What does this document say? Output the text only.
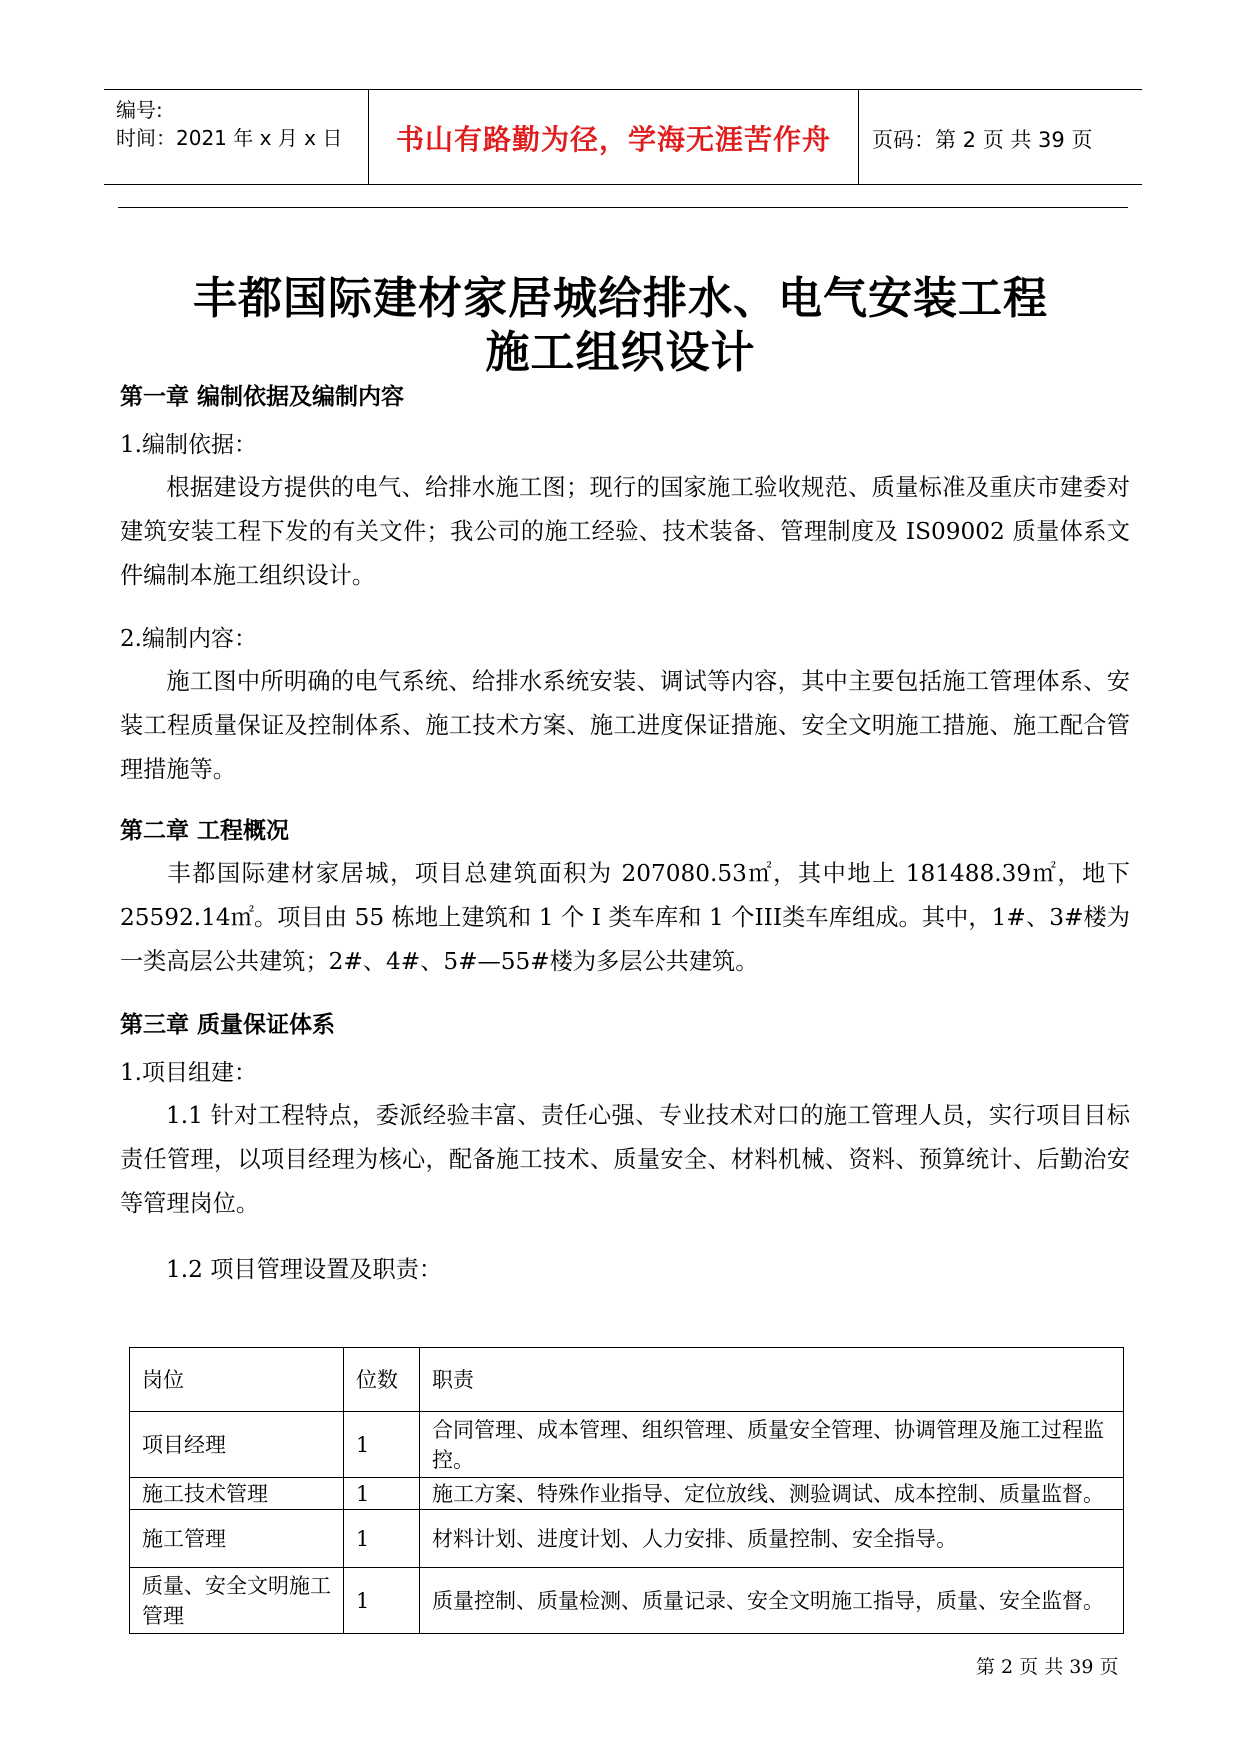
编号:
时间：2021 年 x 月 x 日	书山有路勤为径，学海无涯苦作舟	页码：第 2 页 共 39 页
丰都国际建材家居城给排水、电气安装工程
施工组织设计
第一章 编制依据及编制内容
1.编制依据：
根据建设方提供的电气、给排水施工图；现行的国家施工验收规范、质量标准及重庆市建委对建筑安装工程下发的有关文件；我公司的施工经验、技术装备、管理制度及 IS09002 质量体系文件编制本施工组织设计。
2.编制内容：
施工图中所明确的电气系统、给排水系统安装、调试等内容，其中主要包括施工管理体系、安装工程质量保证及控制体系、施工技术方案、施工进度保证措施、安全文明施工措施、施工配合管理措施等。
第二章 工程概况
丰都国际建材家居城，项目总建筑面积为 207080.53㎡，其中地上 181488.39㎡，地下 25592.14㎡。项目由 55 栋地上建筑和 1 个 I 类车库和 1 个III类车库组成。其中，1#、3#楼为一类高层公共建筑；2#、4#、5#—55#楼为多层公共建筑。
第三章 质量保证体系
1.项目组建：
1.1 针对工程特点，委派经验丰富、责任心强、专业技术对口的施工管理人员，实行项目目标责任管理，以项目经理为核心，配备施工技术、质量安全、材料机械、资料、预算统计、后勤治安等管理岗位。
1.2 项目管理设置及职责：
岗位	位数	职责
项目经理	1	合同管理、成本管理、组织管理、质量安全管理、协调管理及施工过程监控。
施工技术管理	1	施工方案、特殊作业指导、定位放线、测验调试、成本控制、质量监督。
施工管理	1	材料计划、进度计划、人力安排、质量控制、安全指导。
质量、安全文明施工管理	1	质量控制、质量检测、质量记录、安全文明施工指导，质量、安全监督。
第 2 页 共 39 页
